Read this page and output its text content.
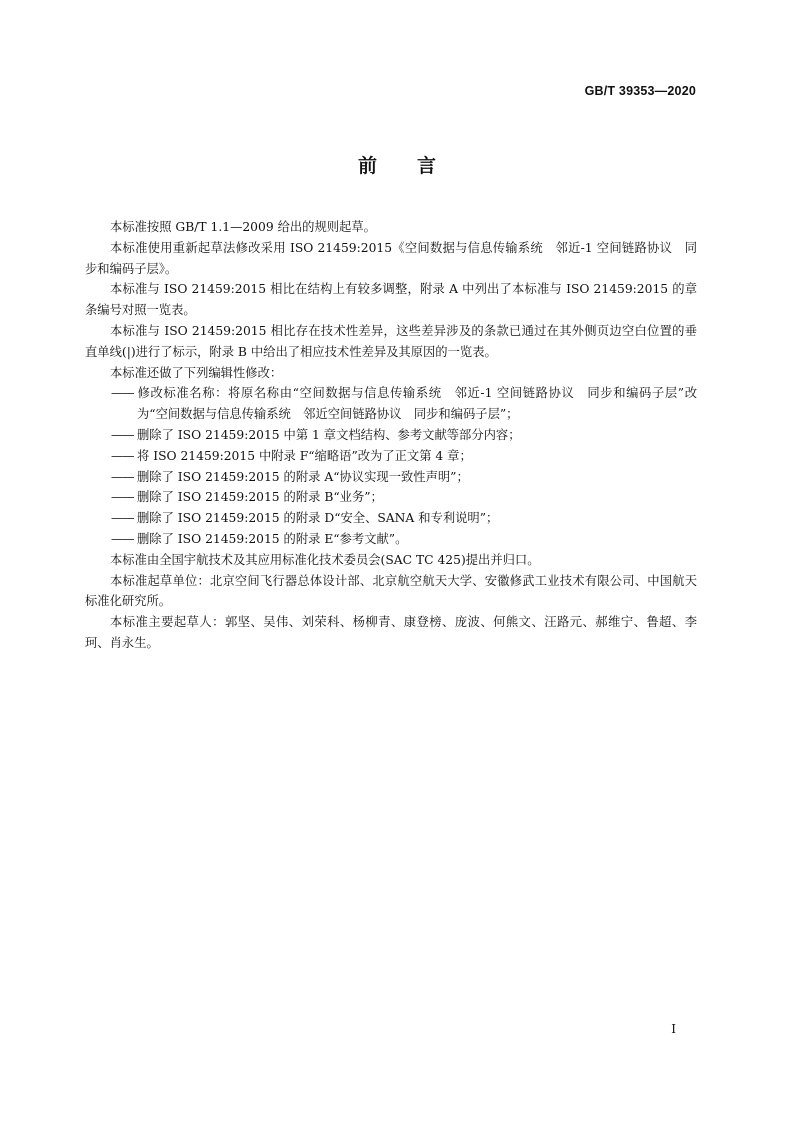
GB/T 39353—2020
前 言

本标准按照 GB/T 1.1—2009 给出的规则起草。

本标准使用重新起草法修改采用 ISO 21459:2015《空间数据与信息传输系统　邻近-1 空间链路协议　同步和编码子层》。

本标准与 ISO 21459:2015 相比在结构上有较多调整，附录 A 中列出了本标准与 ISO 21459:2015 的章条编号对照一览表。

本标准与 ISO 21459:2015 相比存在技术性差异，这些差异涉及的条款已通过在其外侧页边空白位置的垂直单线(|)进行了标示，附录 B 中给出了相应技术性差异及其原因的一览表。

本标准还做了下列编辑性修改：

—— 修改标准名称：将原名称由“空间数据与信息传输系统　邻近-1 空间链路协议　同步和编码子层”改为“空间数据与信息传输系统　邻近空间链路协议　同步和编码子层”；

—— 删除了 ISO 21459:2015 中第 1 章文档结构、参考文献等部分内容；

—— 将 ISO 21459:2015 中附录 F“缩略语”改为了正文第 4 章；

—— 删除了 ISO 21459:2015 的附录 A“协议实现一致性声明”；

—— 删除了 ISO 21459:2015 的附录 B“业务”；

—— 删除了 ISO 21459:2015 的附录 D“安全、SANA 和专利说明”；

—— 删除了 ISO 21459:2015 的附录 E“参考文献”。

本标准由全国宇航技术及其应用标准化技术委员会(SAC TC 425)提出并归口。

本标准起草单位：北京空间飞行器总体设计部、北京航空航天大学、安徽修武工业技术有限公司、中国航天标准化研究所。

本标准主要起草人：郭坚、吴伟、刘荣科、杨柳青、康登榜、庞波、何熊文、汪路元、郝维宁、鲁超、李珂、肖永生。

I
